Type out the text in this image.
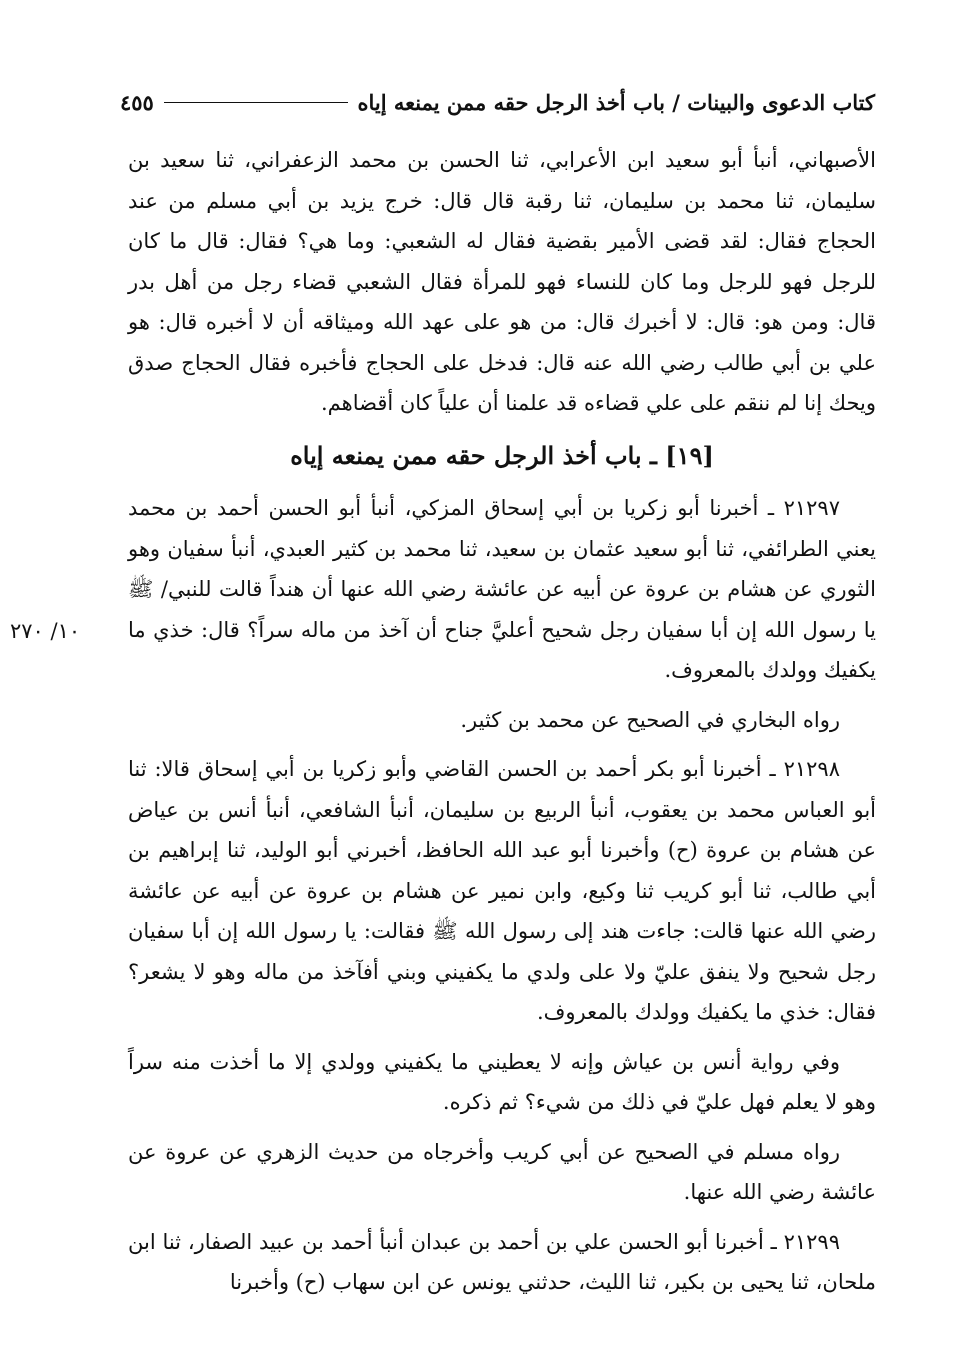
كتاب الدعوى والبينات / باب أخذ الرجل حقه ممن يمنعه إياه
٤٥٥
١٠/ ٢٧٠

الأصبهاني، أنبأ أبو سعيد ابن الأعرابي، ثنا الحسن بن محمد الزعفراني، ثنا سعيد بن سليمان، ثنا محمد بن سليمان، ثنا رقبة قال قال: خرج يزيد بن أبي مسلم من عند الحجاج فقال: لقد قضى الأمير بقضية فقال له الشعبي: وما هي؟ فقال: قال ما كان للرجل فهو للرجل وما كان للنساء فهو للمرأة فقال الشعبي قضاء رجل من أهل بدر قال: ومن هو: قال: لا أخبرك قال: من هو على عهد الله وميثاقه أن لا أخبره قال: هو علي بن أبي طالب رضي الله عنه قال: فدخل على الحجاج فأخبره فقال الحجاج صدق ويحك إنا لم ننقم على علي قضاءه قد علمنا أن علياً كان أقضاهم.

[١٩] ـ باب أخذ الرجل حقه ممن يمنعه إياه

٢١٢٩٧ ـ أخبرنا أبو زكريا بن أبي إسحاق المزكي، أنبأ أبو الحسن أحمد بن محمد يعني الطرائفي، ثنا أبو سعيد عثمان بن سعيد، ثنا محمد بن كثير العبدي، أنبأ سفيان وهو الثوري عن هشام بن عروة عن أبيه عن عائشة رضي الله عنها أن هنداً قالت للنبي/ ﷺ يا رسول الله إن أبا سفيان رجل شحيح أعليَّ جناح أن آخذ من ماله سراً؟ قال: خذي ما يكفيك وولدك بالمعروف.

رواه البخاري في الصحيح عن محمد بن كثير.

٢١٢٩٨ ـ أخبرنا أبو بكر أحمد بن الحسن القاضي وأبو زكريا بن أبي إسحاق قالا: ثنا أبو العباس محمد بن يعقوب، أنبأ الربيع بن سليمان، أنبأ الشافعي، أنبأ أنس بن عياض عن هشام بن عروة (ح) وأخبرنا أبو عبد الله الحافظ، أخبرني أبو الوليد، ثنا إبراهيم بن أبي طالب، ثنا أبو كريب ثنا وكيع، وابن نمير عن هشام بن عروة عن أبيه عن عائشة رضي الله عنها قالت: جاءت هند إلى رسول الله ﷺ فقالت: يا رسول الله إن أبا سفيان رجل شحيح ولا ينفق عليّ ولا على ولدي ما يكفيني وبني أفآخذ من ماله وهو لا يشعر؟ فقال: خذي ما يكفيك وولدك بالمعروف.

وفي رواية أنس بن عياش وإنه لا يعطيني ما يكفيني وولدي إلا ما أخذت منه سراً وهو لا يعلم فهل عليّ في ذلك من شيء؟ ثم ذكره.

رواه مسلم في الصحيح عن أبي كريب وأخرجاه من حديث الزهري عن عروة عن عائشة رضي الله عنها.

٢١٢٩٩ ـ أخبرنا أبو الحسن علي بن أحمد بن عبدان أنبأ أحمد بن عبيد الصفار، ثنا ابن ملحان، ثنا يحيى بن بكير، ثنا الليث، حدثني يونس عن ابن سهاب (ح) وأخبرنا
